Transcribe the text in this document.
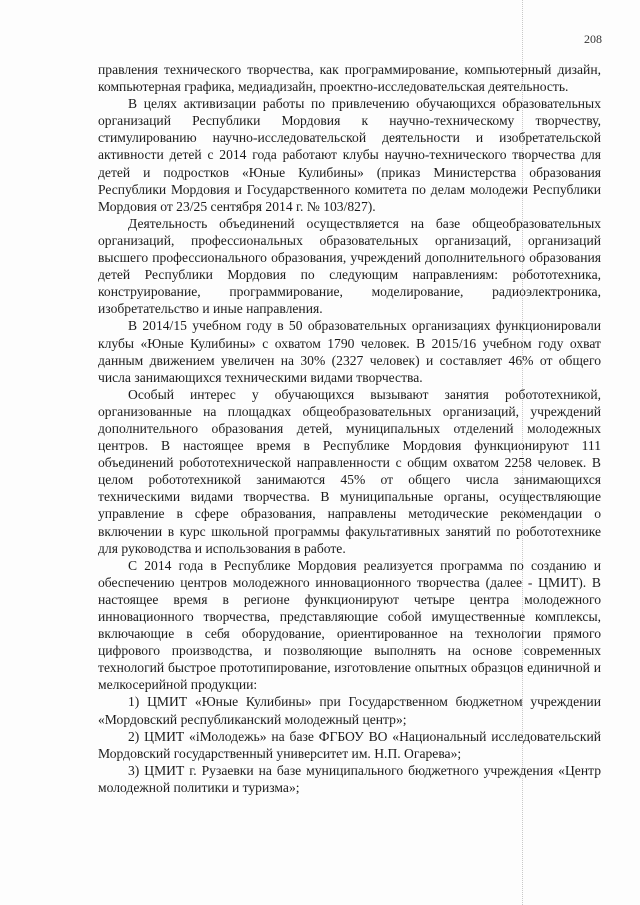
208

правления технического творчества, как программирование, компьютерный дизайн, компьютерная графика, медиадизайн, проектно-исследовательская деятельность.

В целях активизации работы по привлечению обучающихся образовательных организаций Республики Мордовия к научно-техническому творчеству, стимулированию научно-исследовательской деятельности и изобретательской активности детей с 2014 года работают клубы научно-технического творчества для детей и подростков «Юные Кулибины» (приказ Министерства образования Республики Мордовия и Государственного комитета по делам молодежи Республики Мордовия от 23/25 сентября 2014 г. № 103/827).

Деятельность объединений осуществляется на базе общеобразовательных организаций, профессиональных образовательных организаций, организаций высшего профессионального образования, учреждений дополнительного образования детей Республики Мордовия по следующим направлениям: робототехника, конструирование, программирование, моделирование, радиоэлектроника, изобретательство и иные направления.

В 2014/15 учебном году в 50 образовательных организациях функционировали клубы «Юные Кулибины» с охватом 1790 человек. В 2015/16 учебном году охват данным движением увеличен на 30% (2327 человек) и составляет 46% от общего числа занимающихся техническими видами творчества.

Особый интерес у обучающихся вызывают занятия робототехникой, организованные на площадках общеобразовательных организаций, учреждений дополнительного образования детей, муниципальных отделений молодежных центров. В настоящее время в Республике Мордовия функционируют 111 объединений робототехнической направленности с общим охватом 2258 человек. В целом робототехникой занимаются 45% от общего числа занимающихся техническими видами творчества. В муниципальные органы, осуществляющие управление в сфере образования, направлены методические рекомендации о включении в курс школьной программы факультативных занятий по робототехнике для руководства и использования в работе.

С 2014 года в Республике Мордовия реализуется программа по созданию и обеспечению центров молодежного инновационного творчества (далее - ЦМИТ). В настоящее время в регионе функционируют четыре центра молодежного инновационного творчества, представляющие собой имущественные комплексы, включающие в себя оборудование, ориентированное на технологии прямого цифрового производства, и позволяющие выполнять на основе современных технологий быстрое прототипирование, изготовление опытных образцов единичной и мелкосерийной продукции:

1) ЦМИТ «Юные Кулибины» при Государственном бюджетном учреждении «Мордовский республиканский молодежный центр»;

2) ЦМИТ «iМолодежь» на базе ФГБОУ ВО «Национальный исследовательский Мордовский государственный университет им. Н.П. Огарева»;

3) ЦМИТ г. Рузаевки на базе муниципального бюджетного учреждения «Центр молодежной политики и туризма»;
